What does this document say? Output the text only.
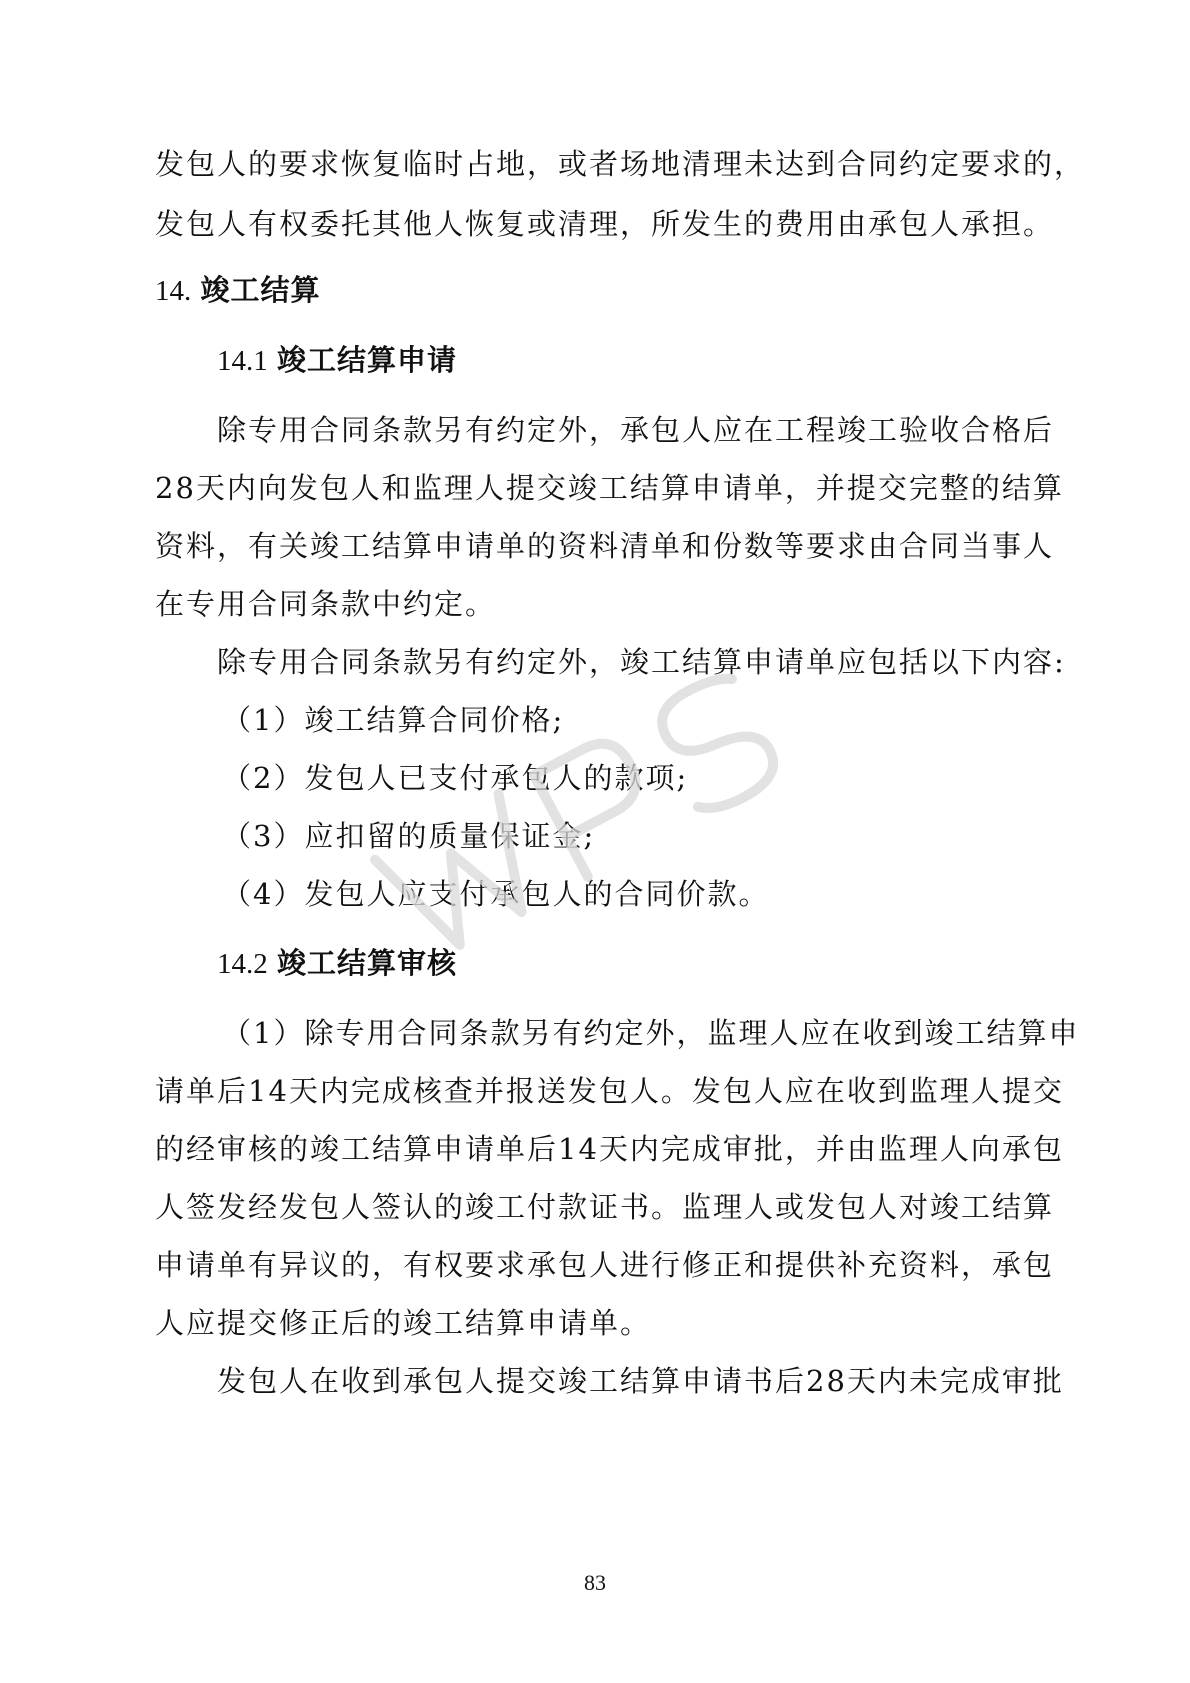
发包人的要求恢复临时占地，或者场地清理未达到合同约定要求的，
发包人有权委托其他人恢复或清理，所发生的费用由承包人承担。
14. 竣工结算
14.1 竣工结算申请
除专用合同条款另有约定外，承包人应在工程竣工验收合格后
28天内向发包人和监理人提交竣工结算申请单，并提交完整的结算
资料，有关竣工结算申请单的资料清单和份数等要求由合同当事人
在专用合同条款中约定。
除专用合同条款另有约定外，竣工结算申请单应包括以下内容:
（1）竣工结算合同价格;
（2）发包人已支付承包人的款项;
（3）应扣留的质量保证金;
（4）发包人应支付承包人的合同价款。
14.2 竣工结算审核
（1）除专用合同条款另有约定外，监理人应在收到竣工结算申
请单后14天内完成核查并报送发包人。发包人应在收到监理人提交
的经审核的竣工结算申请单后14天内完成审批，并由监理人向承包
人签发经发包人签认的竣工付款证书。监理人或发包人对竣工结算
申请单有异议的，有权要求承包人进行修正和提供补充资料，承包
人应提交修正后的竣工结算申请单。
发包人在收到承包人提交竣工结算申请书后28天内未完成审批
83
